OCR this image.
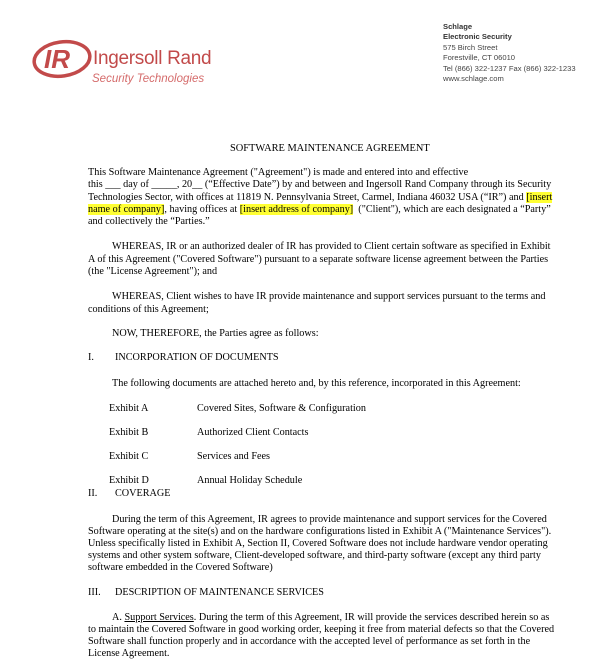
IR Ingersoll Rand
Security Technologies
Schlage
Electronic Security
575 Birch Street
Forestville, CT 06010
Tel (866) 322-1237 Fax (866) 322-1233
www.schlage.com
SOFTWARE MAINTENANCE AGREEMENT
This Software Maintenance Agreement ("Agreement") is made and entered into and effective
this ___ day of _____, 20__ (“Effective Date”) by and between and Ingersoll Rand Company through its Security
Technologies Sector, with offices at 11819 N. Pennsylvania Street, Carmel, Indiana 46032 USA (“IR”) and [insert
name of company], having offices at [insert address of company] ("Client"), which are each designated a “Party”
and collectively the “Parties.”
WHEREAS, IR or an authorized dealer of IR has provided to Client certain software as specified in Exhibit
A of this Agreement ("Covered Software") pursuant to a separate software license agreement between the Parties
(the "License Agreement"); and
WHEREAS, Client wishes to have IR provide maintenance and support services pursuant to the terms and
conditions of this Agreement;
NOW, THEREFORE, the Parties agree as follows:
I. INCORPORATION OF DOCUMENTS
The following documents are attached hereto and, by this reference, incorporated in this Agreement:
Exhibit A	Covered Sites, Software & Configuration
Exhibit B	Authorized Client Contacts
Exhibit C	Services and Fees
Exhibit D	Annual Holiday Schedule
II. COVERAGE
During the term of this Agreement, IR agrees to provide maintenance and support services for the Covered
Software operating at the site(s) and on the hardware configurations listed in Exhibit A ("Maintenance Services").
Unless specifically listed in Exhibit A, Section II, Covered Software does not include hardware vendor operating
systems and other system software, Client-developed software, and third-party software (except any third party
software embedded in the Covered Software)
III. DESCRIPTION OF MAINTENANCE SERVICES
A. Support Services. During the term of this Agreement, IR will provide the services described herein so as
to maintain the Covered Software in good working order, keeping it free from material defects so that the Covered
Software shall function properly and in accordance with the accepted level of performance as set forth in the
License Agreement.
